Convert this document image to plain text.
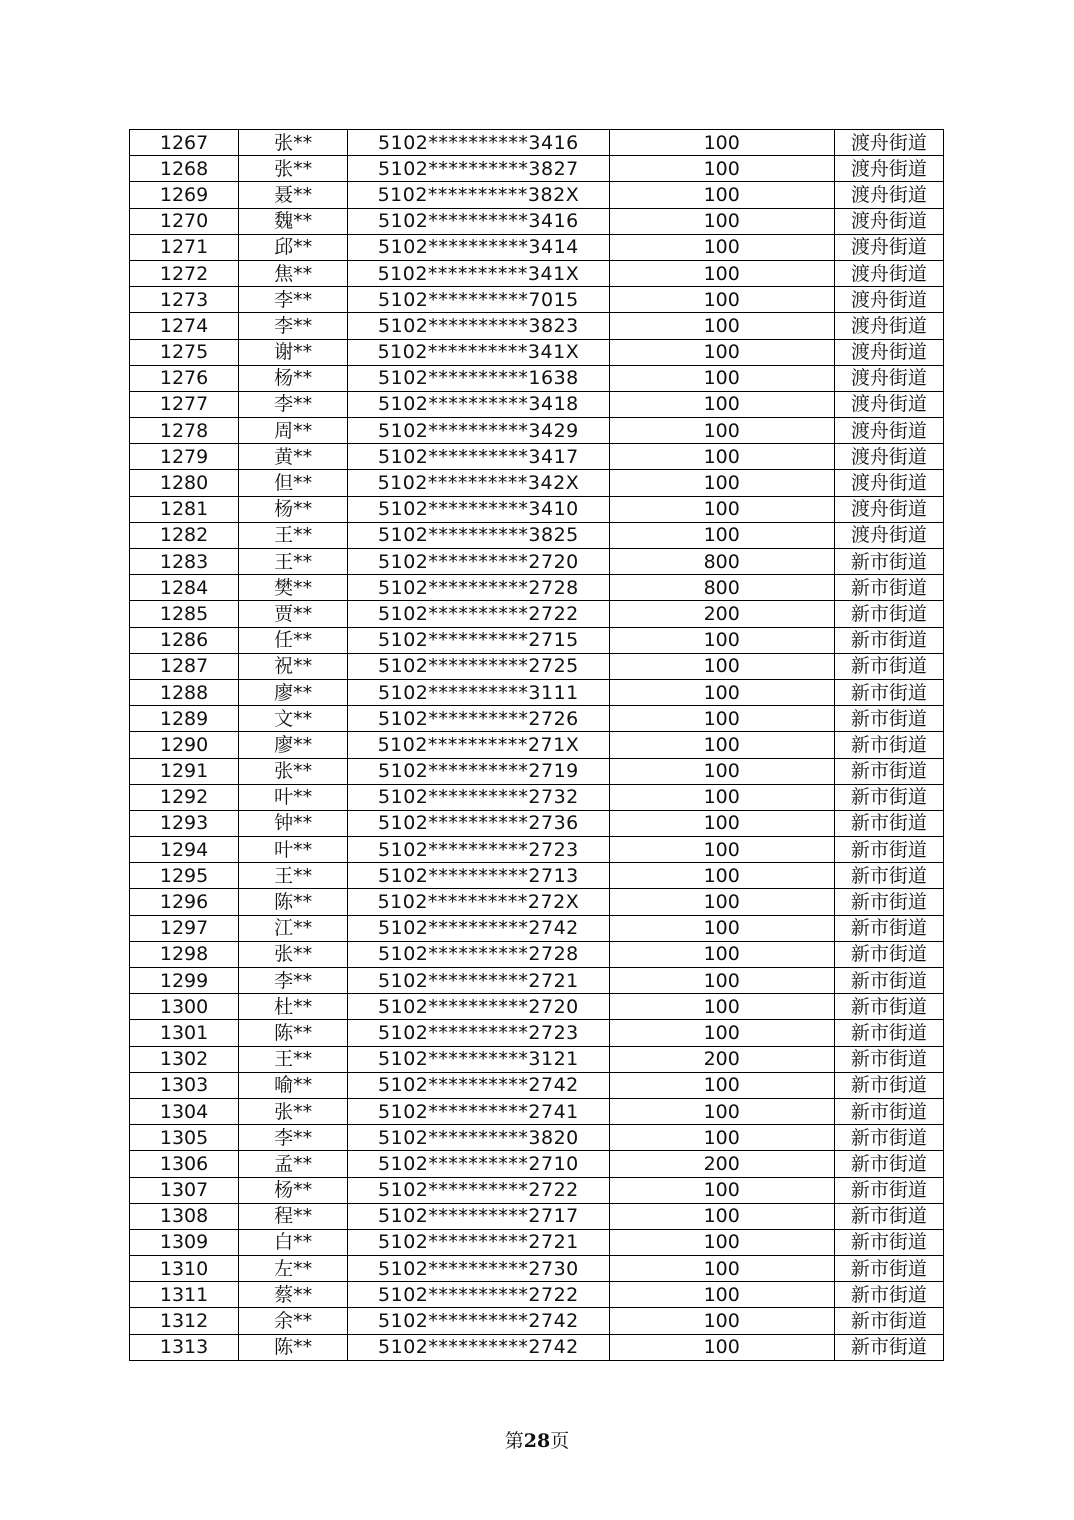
1267	张**	5102**********3416	100	渡舟街道
1268	张**	5102**********3827	100	渡舟街道
1269	聂**	5102**********382X	100	渡舟街道
1270	魏**	5102**********3416	100	渡舟街道
1271	邱**	5102**********3414	100	渡舟街道
1272	焦**	5102**********341X	100	渡舟街道
1273	李**	5102**********7015	100	渡舟街道
1274	李**	5102**********3823	100	渡舟街道
1275	谢**	5102**********341X	100	渡舟街道
1276	杨**	5102**********1638	100	渡舟街道
1277	李**	5102**********3418	100	渡舟街道
1278	周**	5102**********3429	100	渡舟街道
1279	黄**	5102**********3417	100	渡舟街道
1280	但**	5102**********342X	100	渡舟街道
1281	杨**	5102**********3410	100	渡舟街道
1282	王**	5102**********3825	100	渡舟街道
1283	王**	5102**********2720	800	新市街道
1284	樊**	5102**********2728	800	新市街道
1285	贾**	5102**********2722	200	新市街道
1286	任**	5102**********2715	100	新市街道
1287	祝**	5102**********2725	100	新市街道
1288	廖**	5102**********3111	100	新市街道
1289	文**	5102**********2726	100	新市街道
1290	廖**	5102**********271X	100	新市街道
1291	张**	5102**********2719	100	新市街道
1292	叶**	5102**********2732	100	新市街道
1293	钟**	5102**********2736	100	新市街道
1294	叶**	5102**********2723	100	新市街道
1295	王**	5102**********2713	100	新市街道
1296	陈**	5102**********272X	100	新市街道
1297	江**	5102**********2742	100	新市街道
1298	张**	5102**********2728	100	新市街道
1299	李**	5102**********2721	100	新市街道
1300	杜**	5102**********2720	100	新市街道
1301	陈**	5102**********2723	100	新市街道
1302	王**	5102**********3121	200	新市街道
1303	喻**	5102**********2742	100	新市街道
1304	张**	5102**********2741	100	新市街道
1305	李**	5102**********3820	100	新市街道
1306	孟**	5102**********2710	200	新市街道
1307	杨**	5102**********2722	100	新市街道
1308	程**	5102**********2717	100	新市街道
1309	白**	5102**********2721	100	新市街道
1310	左**	5102**********2730	100	新市街道
1311	蔡**	5102**********2722	100	新市街道
1312	余**	5102**********2742	100	新市街道
1313	陈**	5102**********2742	100	新市街道
第28页
